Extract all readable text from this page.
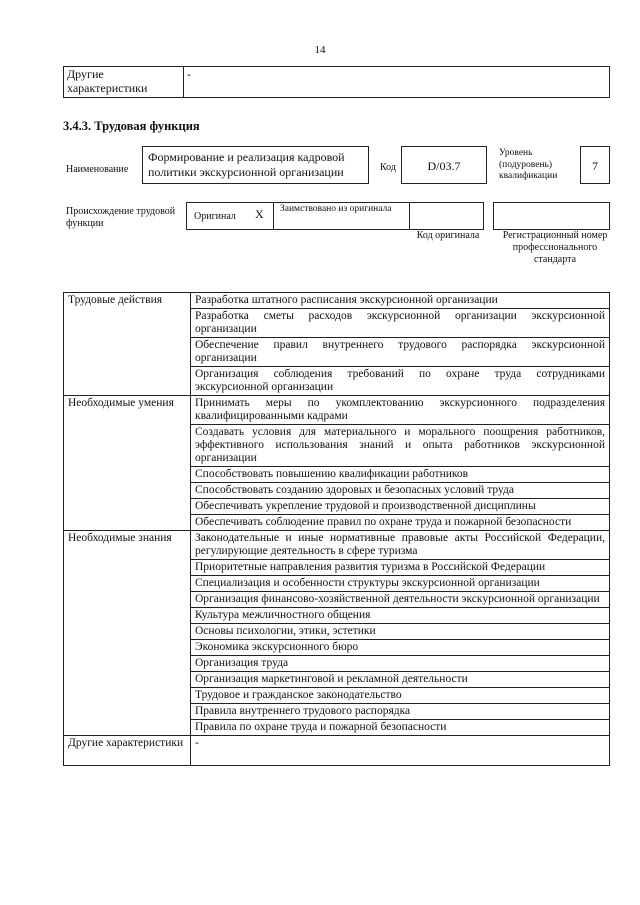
14
Другие характеристики	-
3.4.3. Трудовая функция
Наименование
Формирование и реализация кадровой политики экскурсионной организации	Код	D/03.7
Уровень (подуровень) квалификации
7
Происхождение трудовой функции
Оригинал X Заимствовано из оригинала
Код оригинала	Регистрационный номер профессионального стандарта
Трудовые действия	Разработка штатного расписания экскурсионной организации
	Разработка сметы расходов экскурсионной организации экскурсионной организации
	Обеспечение правил внутреннего трудового распорядка экскурсионной организации
	Организация соблюдения требований по охране труда сотрудниками экскурсионной организации
Необходимые умения	Принимать меры по укомплектованию экскурсионного подразделения квалифицированными кадрами
	Создавать условия для материального и морального поощрения работников, эффективного использования знаний и опыта работников экскурсионной организации
	Способствовать повышению квалификации работников
	Способствовать созданию здоровых и безопасных условий труда
	Обеспечивать укрепление трудовой и производственной дисциплины
	Обеспечивать соблюдение правил по охране труда и пожарной безопасности
Необходимые знания	Законодательные и иные нормативные правовые акты Российской Федерации, регулирующие деятельность в сфере туризма
	Приоритетные направления развития туризма в Российской Федерации
	Специализация и особенности структуры экскурсионной организации
	Организация финансово-хозяйственной деятельности экскурсионной организации
	Культура межличностного общения
	Основы психологии, этики, эстетики
	Экономика экскурсионного бюро
	Организация труда
	Организация маркетинговой и рекламной деятельности
	Трудовое и гражданское законодательство
	Правила внутреннего трудового распорядка
	Правила по охране труда и пожарной безопасности
Другие характеристики	-
